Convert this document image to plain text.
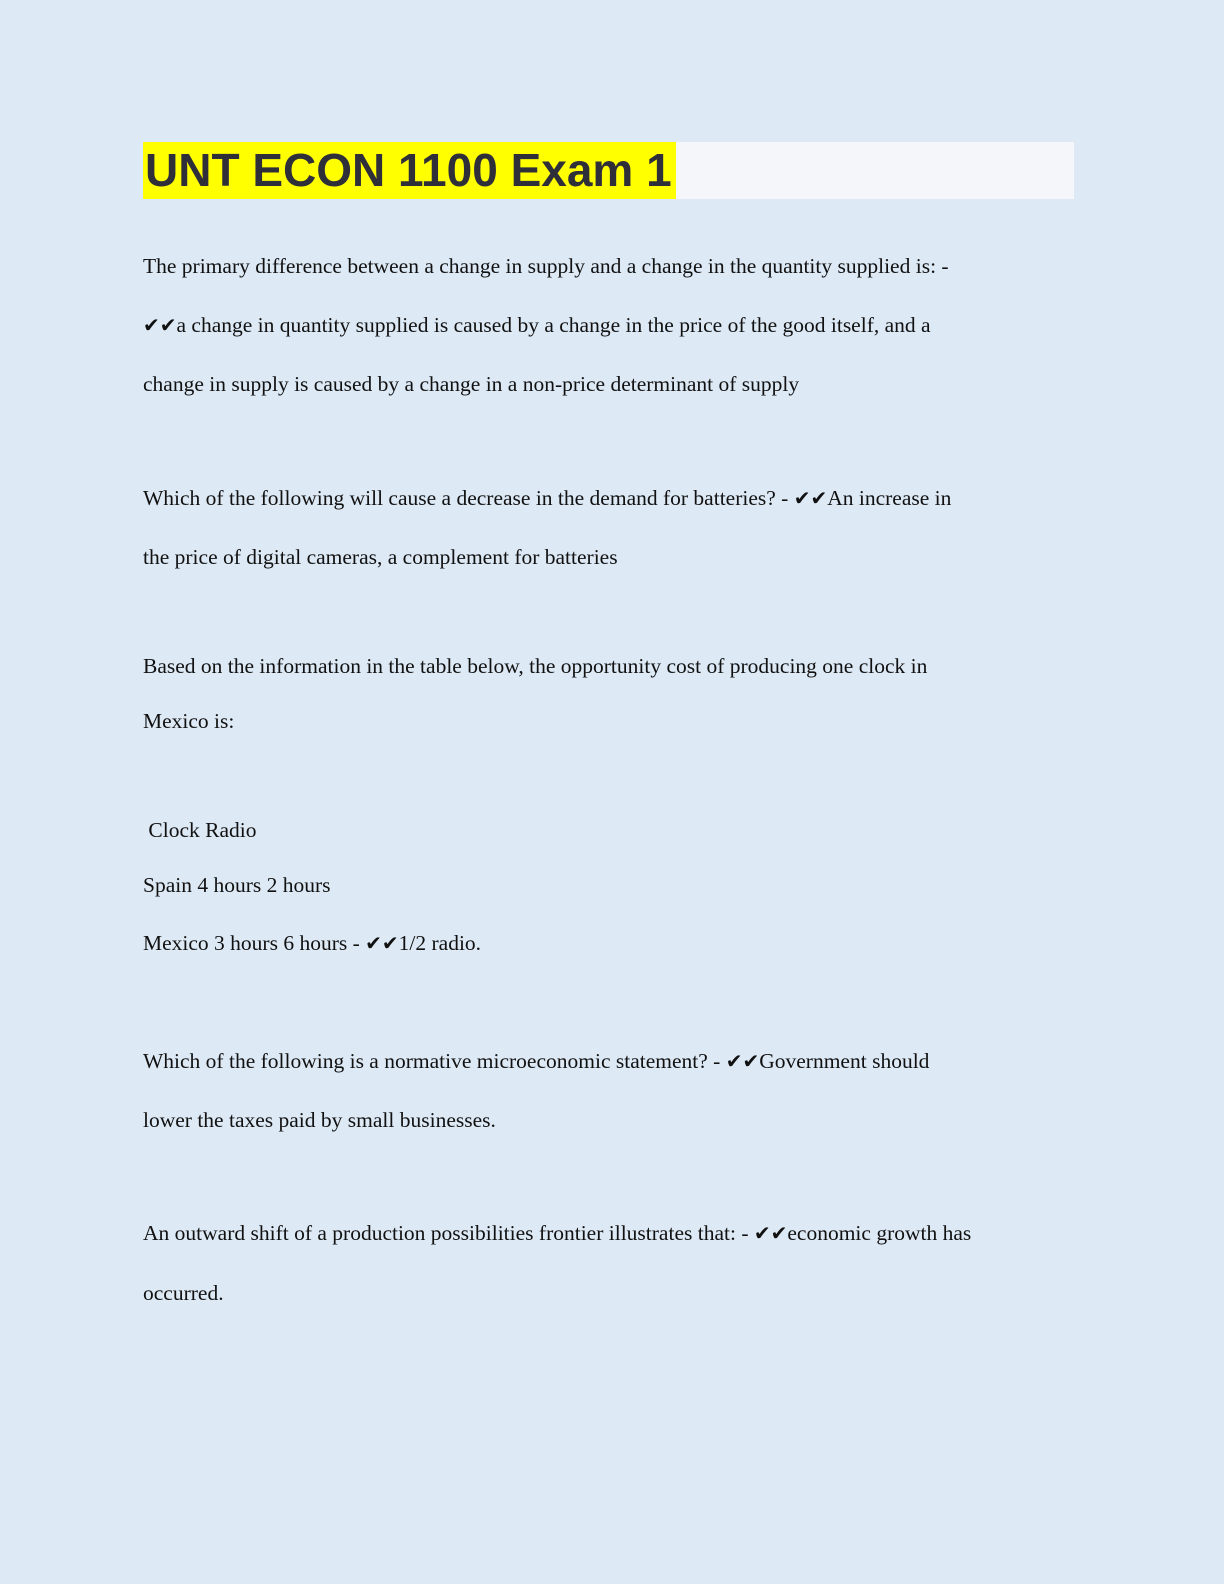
UNT ECON 1100 Exam 1
The primary difference between a change in supply and a change in the quantity supplied is: -
✔✔a change in quantity supplied is caused by a change in the price of the good itself, and a
change in supply is caused by a change in a non-price determinant of supply
Which of the following will cause a decrease in the demand for batteries? - ✔✔An increase in
the price of digital cameras, a complement for batteries
Based on the information in the table below, the opportunity cost of producing one clock in
Mexico is:
Clock Radio
Spain 4 hours 2 hours
Mexico 3 hours 6 hours - ✔✔1/2 radio.
Which of the following is a normative microeconomic statement? - ✔✔Government should
lower the taxes paid by small businesses.
An outward shift of a production possibilities frontier illustrates that: - ✔✔economic growth has
occurred.
